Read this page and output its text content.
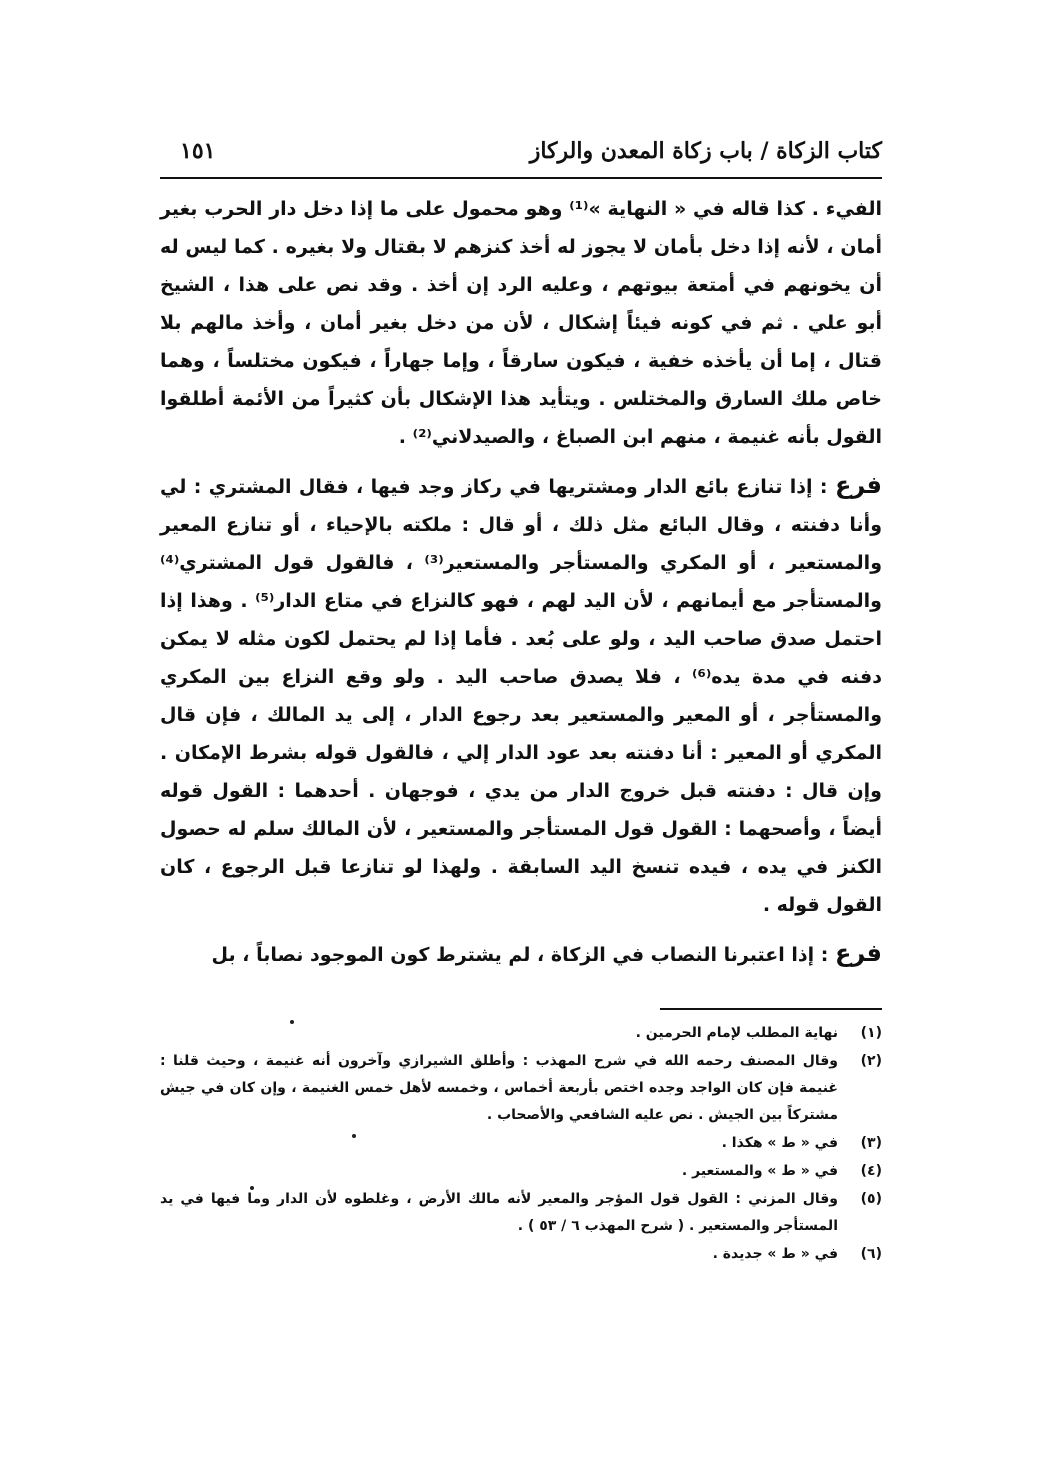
كتاب الزكاة / باب زكاة المعدن والركاز
١٥١

الفيء . كذا قاله في « النهاية »⁽¹⁾ وهو محمول على ما إذا دخل دار الحرب بغير أمان ، لأنه إذا دخل بأمان لا يجوز له أخذ كنزهم لا بقتال ولا بغيره . كما ليس له أن يخونهم في أمتعة بيوتهم ، وعليه الرد إن أخذ . وقد نص على هذا ، الشيخ أبو علي . ثم في كونه فيئاً إشكال ، لأن من دخل بغير أمان ، وأخذ مالهم بلا قتال ، إما أن يأخذه خفية ، فيكون سارقاً ، وإما جهاراً ، فيكون مختلساً ، وهما خاص ملك السارق والمختلس . ويتأيد هذا الإشكال بأن كثيراً من الأئمة أطلقوا القول بأنه غنيمة ، منهم ابن الصباغ ، والصيدلاني⁽²⁾ .

فرع : إذا تنازع بائع الدار ومشتريها في ركاز وجد فيها ، فقال المشتري : لي وأنا دفنته ، وقال البائع مثل ذلك ، أو قال : ملكته بالإحياء ، أو تنازع المعير والمستعير ، أو المكري والمستأجر والمستعير⁽³⁾ ، فالقول قول المشتري⁽⁴⁾ والمستأجر مع أيمانهم ، لأن اليد لهم ، فهو كالنزاع في متاع الدار⁽⁵⁾ . وهذا إذا احتمل صدق صاحب اليد ، ولو على بُعد . فأما إذا لم يحتمل لكون مثله لا يمكن دفنه في مدة يده⁽⁶⁾ ، فلا يصدق صاحب اليد . ولو وقع النزاع بين المكري والمستأجر ، أو المعير والمستعير بعد رجوع الدار ، إلى يد المالك ، فإن قال المكري أو المعير : أنا دفنته بعد عود الدار إلي ، فالقول قوله بشرط الإمكان . وإن قال : دفنته قبل خروج الدار من يدي ، فوجهان . أحدهما : القول قوله أيضاً ، وأصحهما : القول قول المستأجر والمستعير ، لأن المالك سلم له حصول الكنز في يده ، فيده تنسخ اليد السابقة . ولهذا لو تنازعا قبل الرجوع ، كان القول قوله .

فرع : إذا اعتبرنا النصاب في الزكاة ، لم يشترط كون الموجود نصاباً ، بل

(١)
نهاية المطلب لإمام الحرمين .
(٢)
وقال المصنف رحمه الله في شرح المهذب : وأطلق الشيرازي وآخرون أنه غنيمة ، وحيث قلنا : غنيمة فإن كان الواجد وجده اختص بأربعة أخماس ، وخمسه لأهل خمس الغنيمة ، وإن كان في جيش مشتركاً بين الجيش . نص عليه الشافعي والأصحاب .
(٣)
في « ط » هكذا .
(٤)
في « ط » والمستعير .
(٥)
وقال المزني : القول قول المؤجر والمعير لأنه مالك الأرض ، وغلطوه لأن الدار وما فيها في يد المستأجر والمستعير . ( شرح المهذب ٦ / ٥٣ ) .
(٦)
في « ط » جديدة .
